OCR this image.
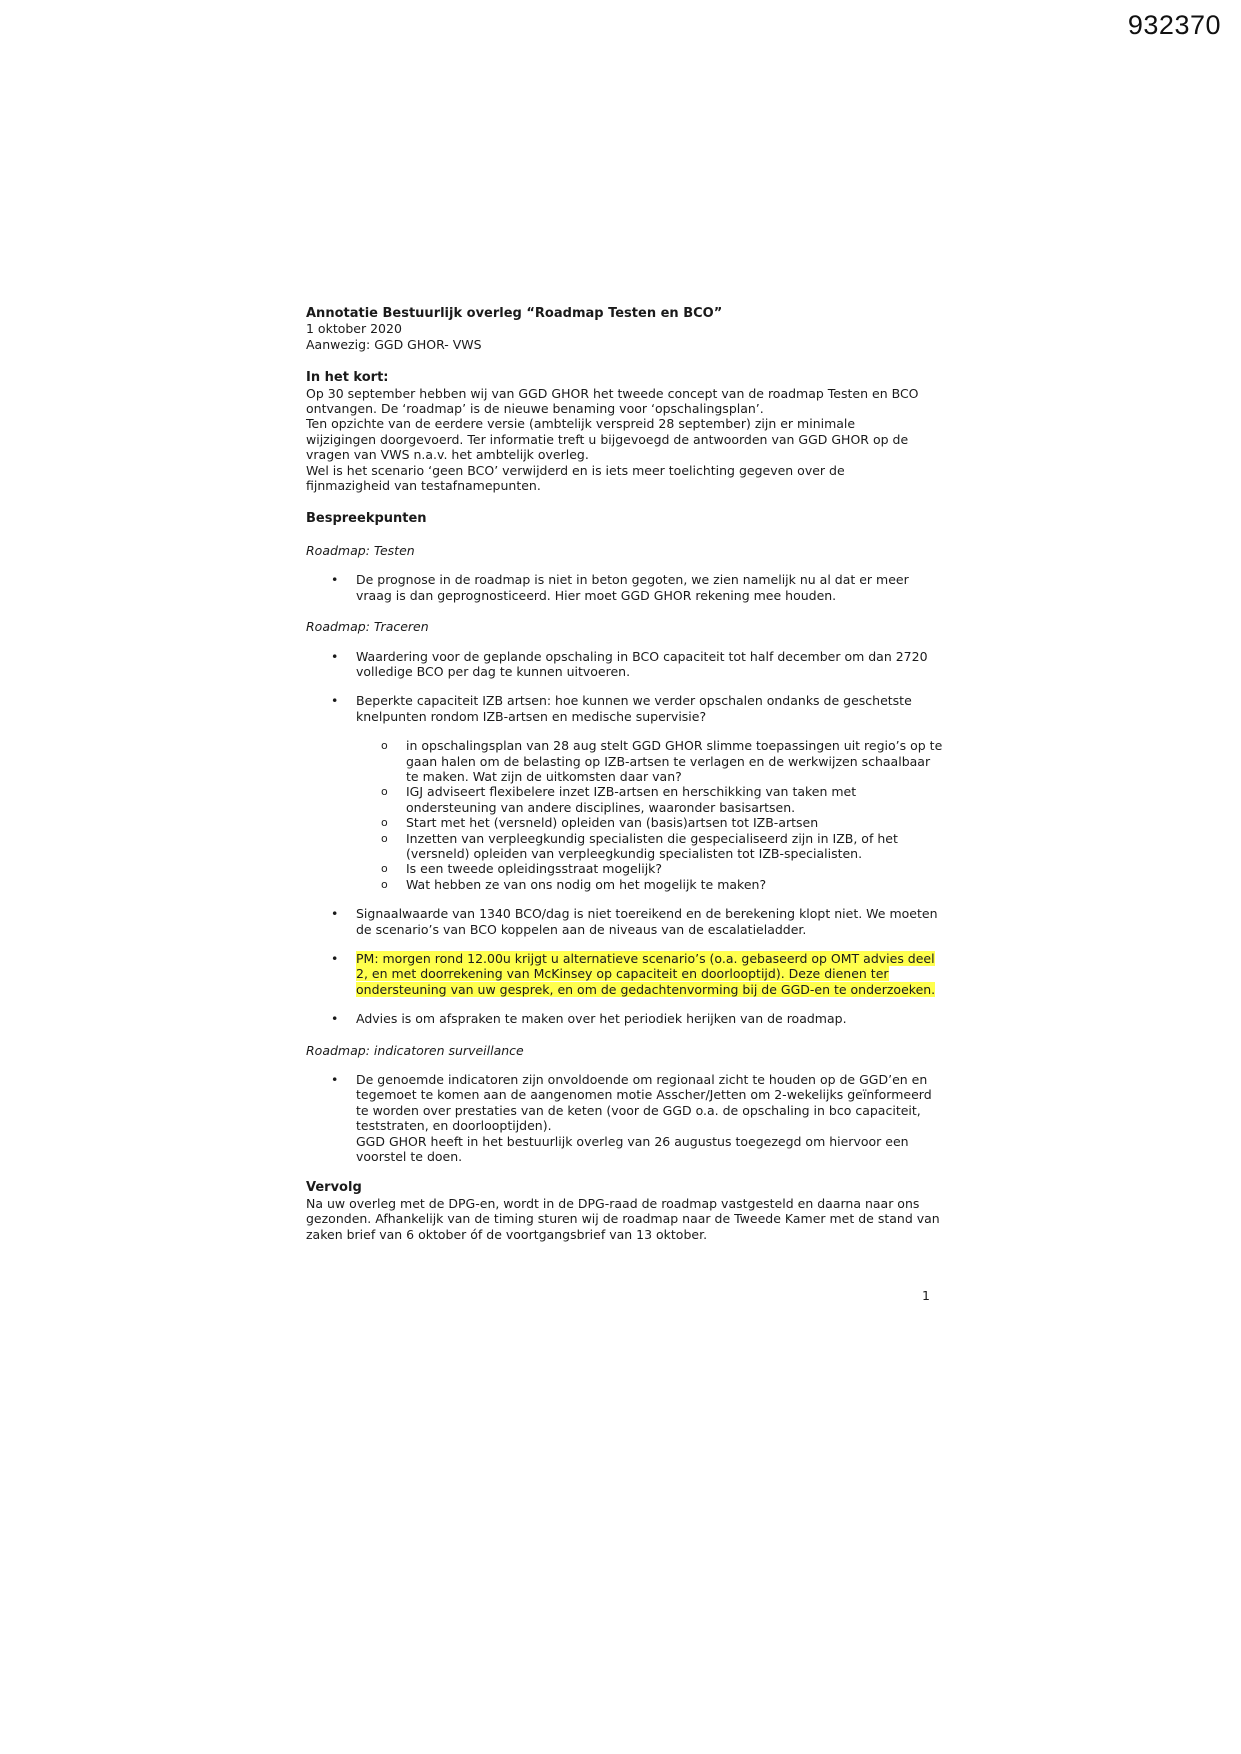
932370
Annotatie Bestuurlijk overleg “Roadmap Testen en BCO”
1 oktober 2020
Aanwezig: GGD GHOR- VWS
In het kort:
Op 30 september hebben wij van GGD GHOR het tweede concept van de roadmap Testen en BCO
ontvangen. De ‘roadmap’ is de nieuwe benaming voor ‘opschalingsplan’.
Ten opzichte van de eerdere versie (ambtelijk verspreid 28 september) zijn er minimale
wijzigingen doorgevoerd. Ter informatie treft u bijgevoegd de antwoorden van GGD GHOR op de
vragen van VWS n.a.v. het ambtelijk overleg.
Wel is het scenario ‘geen BCO’ verwijderd en is iets meer toelichting gegeven over de
fijnmazigheid van testafnamepunten.
Bespreekpunten
Roadmap: Testen
• De prognose in de roadmap is niet in beton gegoten, we zien namelijk nu al dat er meer vraag is dan geprognosticeerd. Hier moet GGD GHOR rekening mee houden.
Roadmap: Traceren
• Waardering voor de geplande opschaling in BCO capaciteit tot half december om dan 2720 volledige BCO per dag te kunnen uitvoeren.
• Beperkte capaciteit IZB artsen: hoe kunnen we verder opschalen ondanks de geschetste knelpunten rondom IZB-artsen en medische supervisie?
o in opschalingsplan van 28 aug stelt GGD GHOR slimme toepassingen uit regio’s op te gaan halen om de belasting op IZB-artsen te verlagen en de werkwijzen schaalbaar te maken. Wat zijn de uitkomsten daar van?
o IGJ adviseert flexibelere inzet IZB-artsen en herschikking van taken met ondersteuning van andere disciplines, waaronder basisartsen.
o Start met het (versneld) opleiden van (basis)artsen tot IZB-artsen
o Inzetten van verpleegkundig specialisten die gespecialiseerd zijn in IZB, of het (versneld) opleiden van verpleegkundig specialisten tot IZB-specialisten.
o Is een tweede opleidingsstraat mogelijk?
o Wat hebben ze van ons nodig om het mogelijk te maken?
• Signaalwaarde van 1340 BCO/dag is niet toereikend en de berekening klopt niet. We moeten de scenario’s van BCO koppelen aan de niveaus van de escalatieladder.
• PM: morgen rond 12.00u krijgt u alternatieve scenario’s (o.a. gebaseerd op OMT advies deel 2, en met doorrekening van McKinsey op capaciteit en doorlooptijd). Deze dienen ter ondersteuning van uw gesprek, en om de gedachtenvorming bij de GGD-en te onderzoeken.
• Advies is om afspraken te maken over het periodiek herijken van de roadmap.
Roadmap: indicatoren surveillance
• De genoemde indicatoren zijn onvoldoende om regionaal zicht te houden op de GGD’en en tegemoet te komen aan de aangenomen motie Asscher/Jetten om 2-wekelijks geïnformeerd te worden over prestaties van de keten (voor de GGD o.a. de opschaling in bco capaciteit, teststraten, en doorlooptijden).
GGD GHOR heeft in het bestuurlijk overleg van 26 augustus toegezegd om hiervoor een voorstel te doen.
Vervolg
Na uw overleg met de DPG-en, wordt in de DPG-raad de roadmap vastgesteld en daarna naar ons gezonden. Afhankelijk van de timing sturen wij de roadmap naar de Tweede Kamer met de stand van zaken brief van 6 oktober óf de voortgangsbrief van 13 oktober.
1
